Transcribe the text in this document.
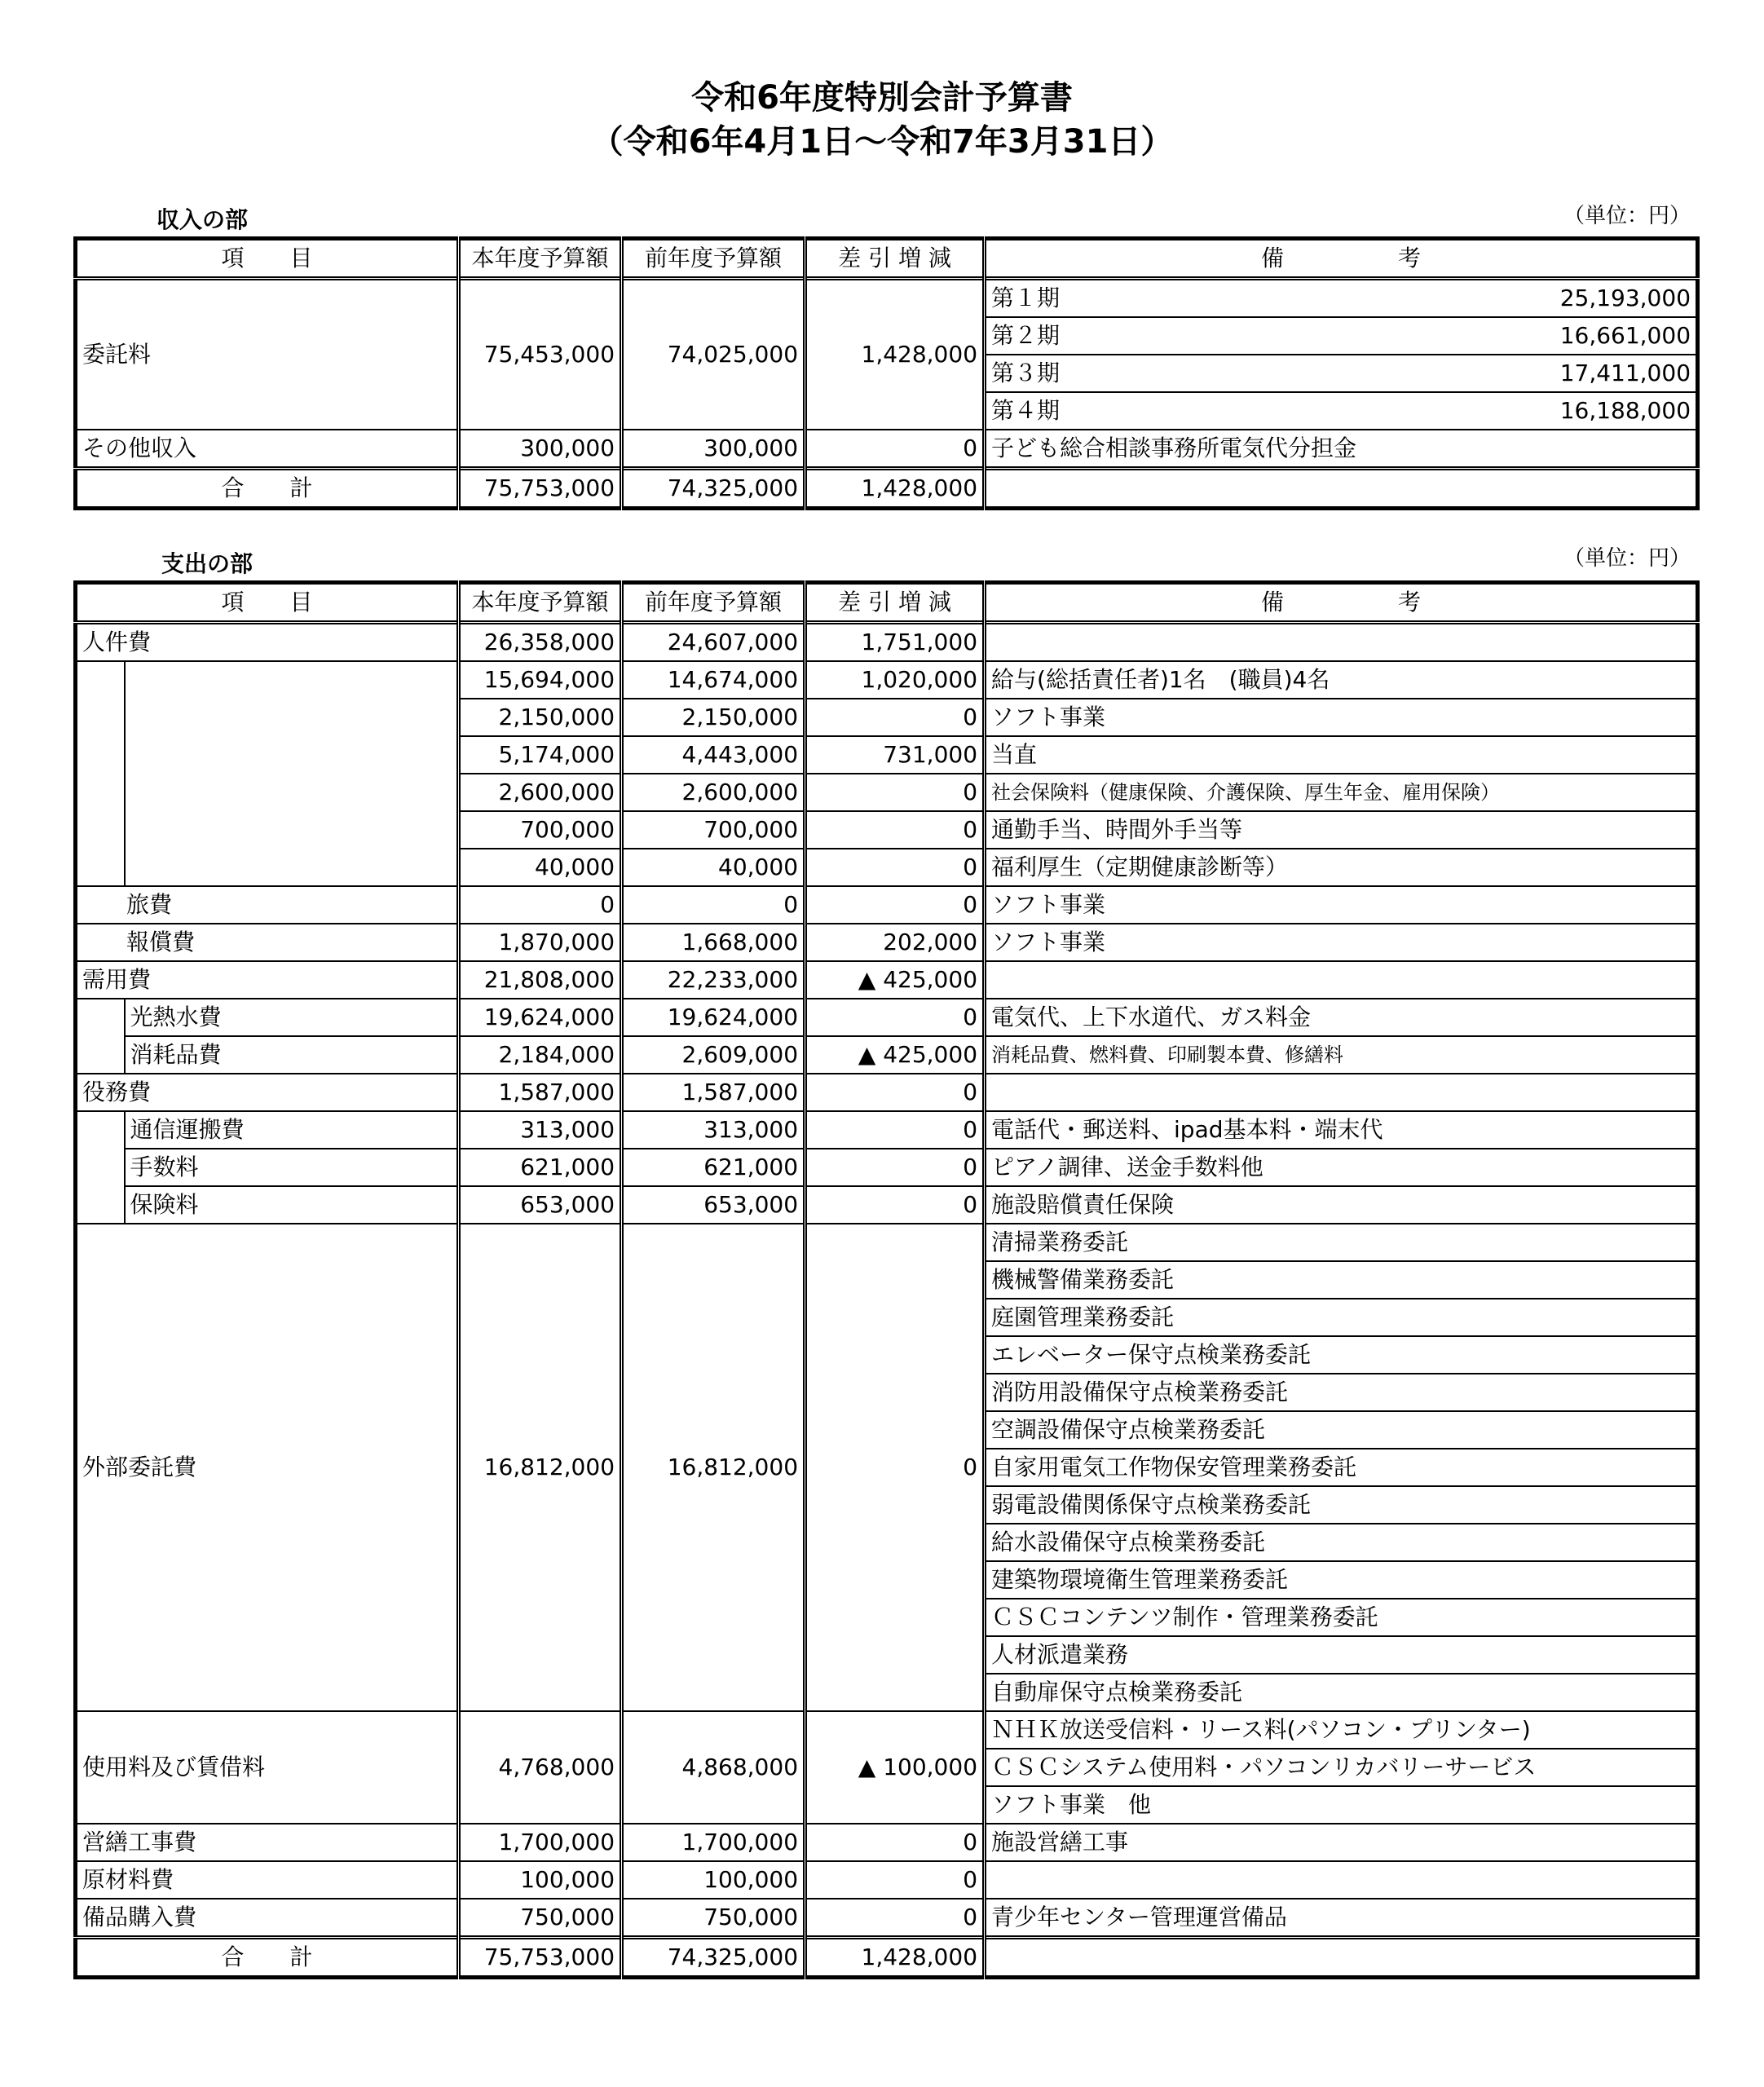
令和6年度特別会計予算書
（令和6年4月1日～令和7年3月31日）
収入の部	（単位：円）
項　　目	本年度予算額	前年度予算額	差 引 増 減	備　　　　　考
委託料	75,453,000	74,025,000	1,428,000	第１期 25,193,000

				第２期 16,661,000

				第３期 17,411,000

				第４期 16,188,000

その他収入	300,000	300,000	0	子ども総合相談事務所電気代分担金
合　　計	75,753,000	74,325,000	1,428,000	
支出の部	（単位：円）
項　　目		本年度予算額	前年度予算額	差 引 増 減	備　　　　　考
人件費		26,358,000	24,607,000	1,751,000	
		15,694,000	14,674,000	1,020,000	給与(総括責任者)1名　(職員)4名
		2,150,000	2,150,000	0	ソフト事業
		5,174,000	4,443,000	731,000	当直
		2,600,000	2,600,000	0	社会保険料（健康保険、介護保険、厚生年金、雇用保険）
		700,000	700,000	0	通勤手当、時間外手当等
		40,000	40,000	0	福利厚生（定期健康診断等）
旅費		0	0	0	ソフト事業
報償費		1,870,000	1,668,000	202,000	ソフト事業
需用費		21,808,000	22,233,000	▲ 425,000	
	光熱水費	19,624,000	19,624,000	0	電気代、上下水道代、ガス料金
	消耗品費	2,184,000	2,609,000	▲ 425,000	消耗品費、燃料費、印刷製本費、修繕料
役務費		1,587,000	1,587,000	0	
	通信運搬費	313,000	313,000	0	電話代・郵送料、ipad基本料・端末代
	手数料	621,000	621,000	0	ピアノ調律、送金手数料他
	保険料	653,000	653,000	0	施設賠償責任保険
外部委託費		16,812,000	16,812,000	0	清掃業務委託
					機械警備業務委託
					庭園管理業務委託
					エレベーター保守点検業務委託
					消防用設備保守点検業務委託
					空調設備保守点検業務委託
					自家用電気工作物保安管理業務委託
					弱電設備関係保守点検業務委託
					給水設備保守点検業務委託
					建築物環境衛生管理業務委託
					ＣＳＣコンテンツ制作・管理業務委託
					人材派遣業務
					自動扉保守点検業務委託
使用料及び賃借料		4,768,000	4,868,000	▲ 100,000	ＮＨＫ放送受信料・リース料(パソコン・プリンター)
					ＣＳＣシステム使用料・パソコンリカバリーサービス
					ソフト事業　他
営繕工事費		1,700,000	1,700,000	0	施設営繕工事
原材料費		100,000	100,000	0	
備品購入費		750,000	750,000	0	青少年センター管理運営備品
合　　計		75,753,000	74,325,000	1,428,000	
